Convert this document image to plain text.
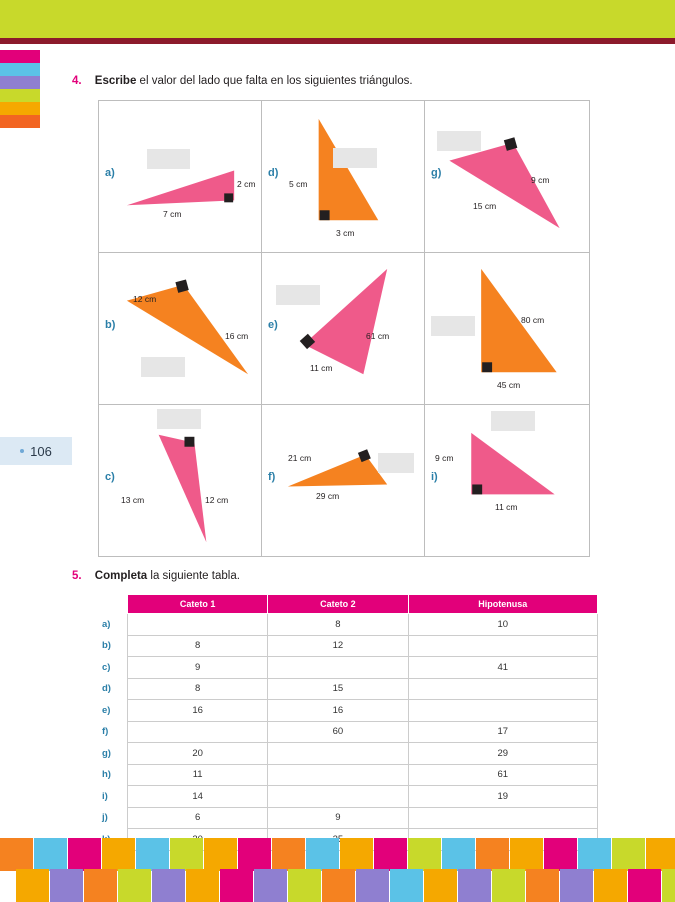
106
4. Escribe el valor del lado que falta en los siguientes triángulos.
a)
7 cm
2 cm
d)
5 cm
3 cm
g)
9 cm
15 cm
b)
12 cm
16 cm
e)
61 cm
11 cm
80 cm
45 cm
c)
13 cm	12 cm
f)
21 cm
29 cm
i)
9 cm
11 cm
5. Completa la siguiente tabla.
	Cateto 1	Cateto 2	Hipotenusa
a)		8	10
b)	8	12	
c)	9		41
d)	8	15	
e)	16	16	
f)		60	17
g)	20		29
h)	11		61
i)	14		19
j)	6	9	
